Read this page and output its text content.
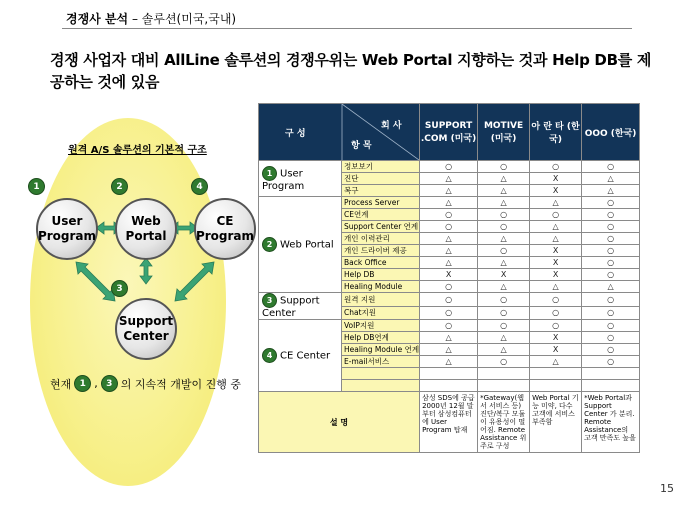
경쟁사 분석 – 솔루션(미국,국내)
경쟁 사업자 대비 AllLine 솔루션의 경쟁우위는 Web Portal 지향하는 것과 Help DB를 제공하는 것에 있음
원격 A/S 솔루션의 기본적 구조
User Program
Web Portal
CE Program
Support Center
1	2	4
3
현재 1 , 3 의 지속적 개발이 진행 중
회 사
구 성
항 목		SUPPORT .COM (미국)	MOTIVE (미국)	아 란 타 (한국)	OOO (한국)
1 User Program	정보보기	○	○	○	○
	진단	△	△	X	△
	복구	△	△	X	△
2 Web Portal	Process Server	△	△	△	○
	CE연계	○	○	○	○
	Support Center 연계	○	○	△	○
	개인 이력관리	△	△	△	○
	개인 드라이버 제공	△	○	X	○
	Back Office	△	△	X	○
	Help DB	X	X	X	○
	Healing Module	○	△	△	△
3 Support Center	원격 지원	○	○	○	○
	Chat지원	○	○	○	○
4 CE Center	VoIP지원	○	○	○	○
	Help DB연계	△	△	X	○
	Healing Module 연계	△	△	X	○
	E-mail서비스	△	○	△	○

설 명		삼성 SDS에 공급 2000년 12월 말부터 삼성컴퓨터에 User Program 탑재	*Gateway(웹서 서비스 등) 진단/복구 모듈이 유용성이 떨어짐. Remote Assistance 위주로 구성	Web Portal 기능 미약, 다수 고객에 서비스 부족함	*Web Portal과 Support Center 가 분리. Remote Assistance의 고객 만족도 높을
15
